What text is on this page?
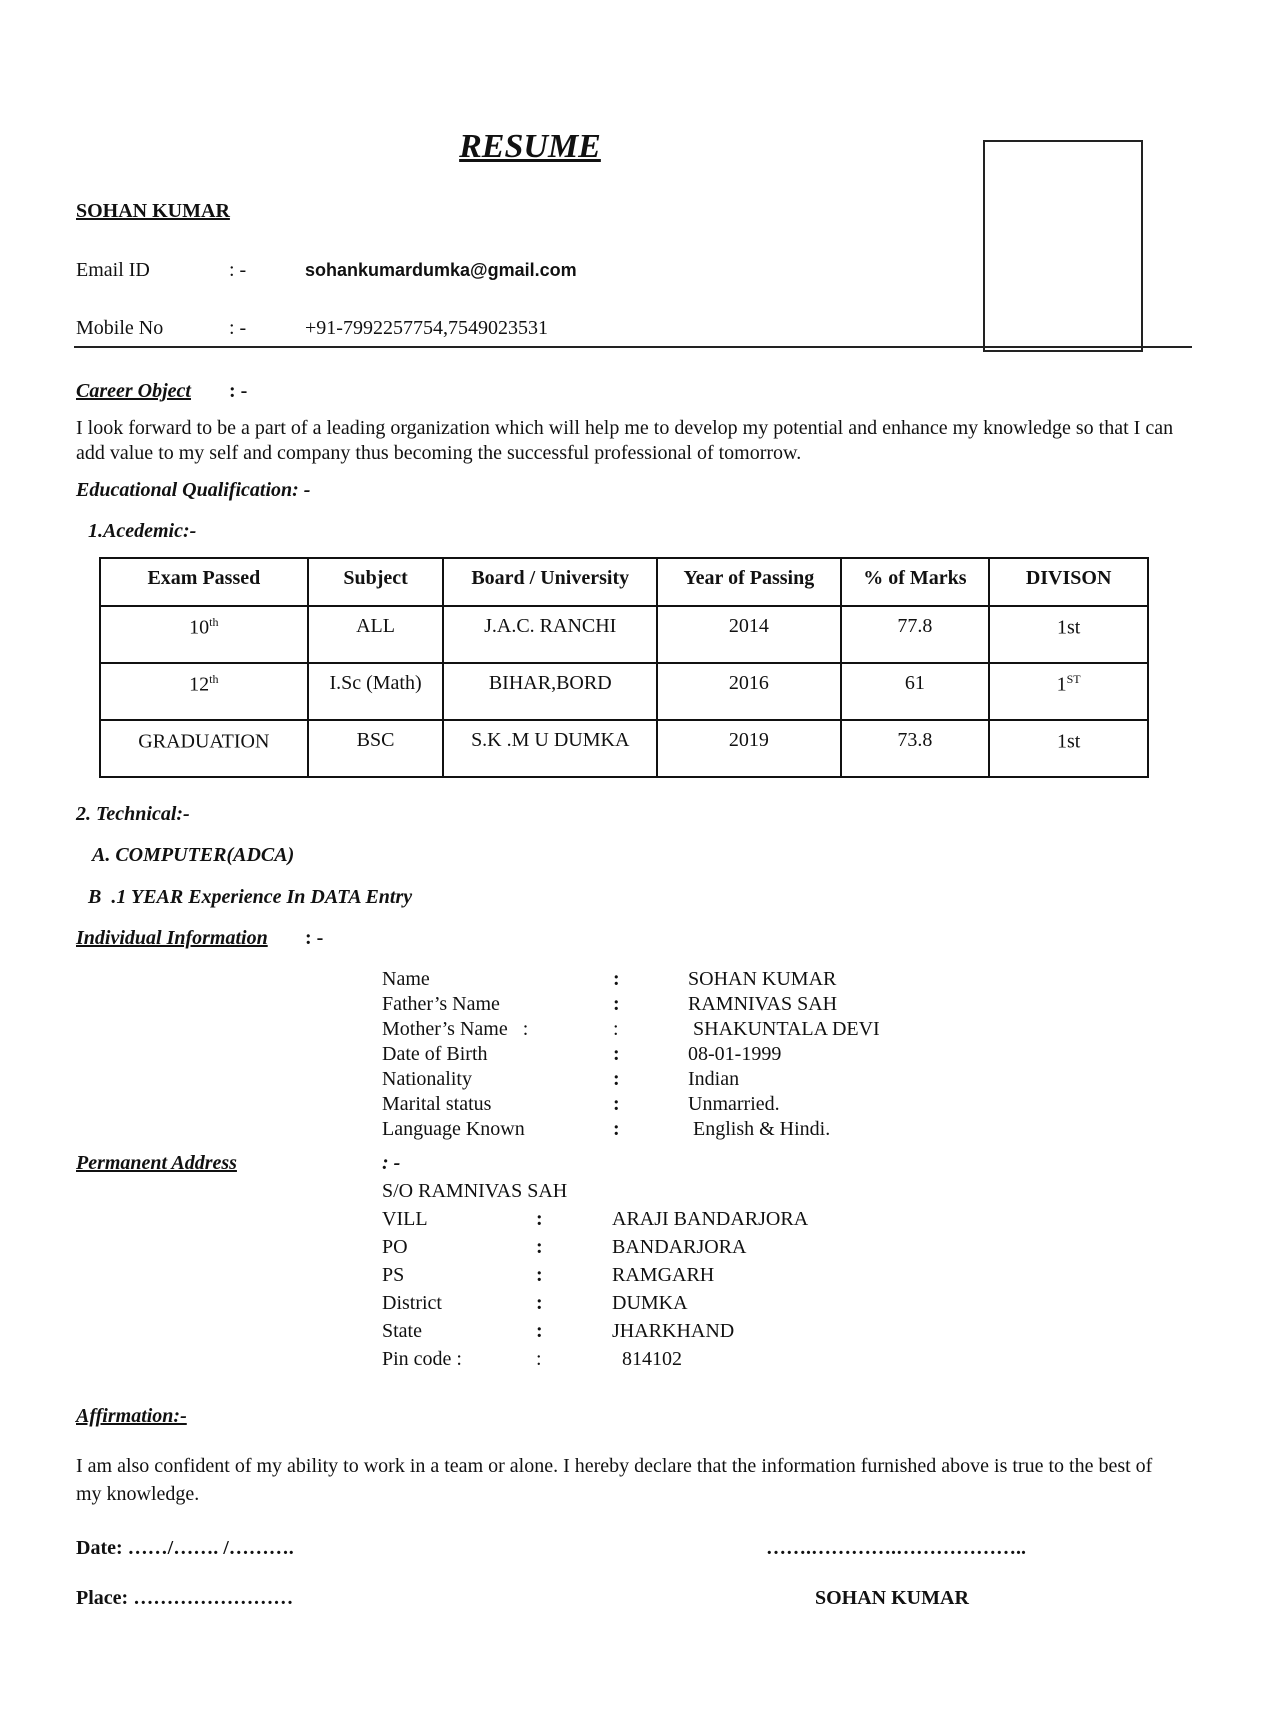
RESUME
SOHAN KUMAR
Email ID	: -	sohankumardumka@gmail.com
Mobile No	: -	+91-7992257754,7549023531
Career Object : -
I look forward to be a part of a leading organization which will help me to develop my potential and enhance my knowledge so that I can add value to my self and company thus becoming the successful professional of tomorrow.
Educational Qualification: -
1.Acedemic:-
Exam Passed	Subject	Board / University	Year of Passing	% of Marks	DIVISON
10th	ALL	J.A.C. RANCHI	2014	77.8	1st
12th	I.Sc (Math)	BIHAR,BORD	2016	61	1ST
GRADUATION	BSC	S.K .M U DUMKA	2019	73.8	1st
2. Technical:-
A. COMPUTER(ADCA)
B  .1 YEAR Experience In DATA Entry
Individual Information : -
Name	:	SOHAN KUMAR
Father’s Name	:	RAMNIVAS SAH
Mother’s Name   :	:	SHAKUNTALA DEVI
Date of Birth	:	08-01-1999
Nationality	:	Indian
Marital status	:	Unmarried.
Language Known	:	English & Hindi.
Permanent Address	: -
S/O RAMNIVAS SAH
VILL	:	ARAJI BANDARJORA
PO	:	BANDARJORA
PS	:	RAMGARH
District	:	DUMKA
State	:	JHARKHAND
Pin code :	:	814102
Affirmation:-
I am also confident of my ability to work in a team or alone. I hereby declare that the information furnished above is true to the best of my knowledge.
Date: ……/……. /……….	…….………….………………..
Place: ……………………	SOHAN KUMAR
